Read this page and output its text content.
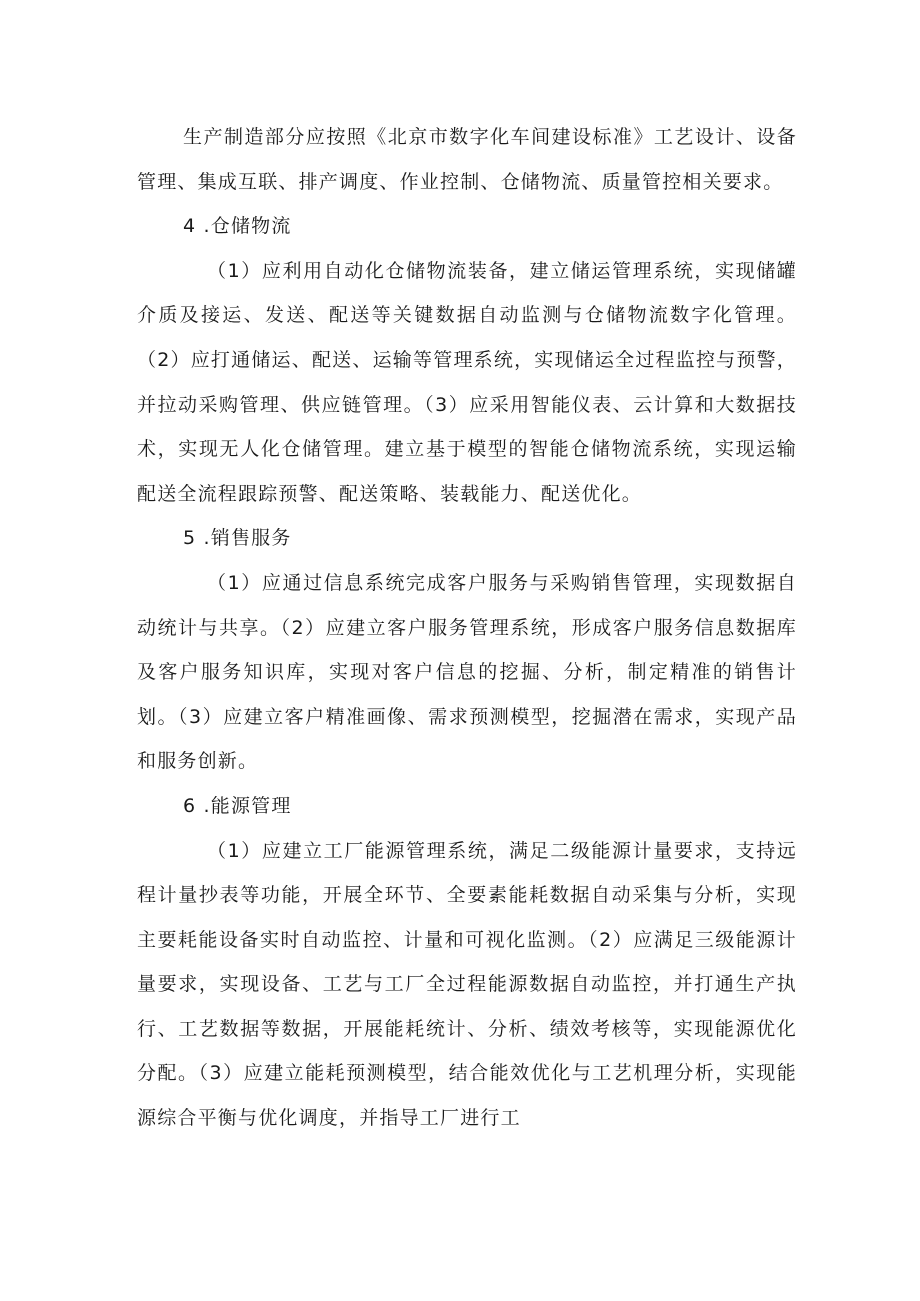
生产制造部分应按照《北京市数字化车间建设标准》工艺设计、设备管理、集成互联、排产调度、作业控制、仓储物流、质量管控相关要求。

4 .仓储物流

（1）应利用自动化仓储物流装备，建立储运管理系统，实现储罐介质及接运、发送、配送等关键数据自动监测与仓储物流数字化管理。（2）应打通储运、配送、运输等管理系统，实现储运全过程监控与预警，并拉动采购管理、供应链管理。（3）应采用智能仪表、云计算和大数据技术，实现无人化仓储管理。建立基于模型的智能仓储物流系统，实现运输配送全流程跟踪预警、配送策略、装载能力、配送优化。

5 .销售服务

（1）应通过信息系统完成客户服务与采购销售管理，实现数据自动统计与共享。（2）应建立客户服务管理系统，形成客户服务信息数据库及客户服务知识库，实现对客户信息的挖掘、分析，制定精准的销售计划。（3）应建立客户精准画像、需求预测模型，挖掘潜在需求，实现产品和服务创新。

6 .能源管理

（1）应建立工厂能源管理系统，满足二级能源计量要求，支持远程计量抄表等功能，开展全环节、全要素能耗数据自动采集与分析，实现主要耗能设备实时自动监控、计量和可视化监测。（2）应满足三级能源计量要求，实现设备、工艺与工厂全过程能源数据自动监控，并打通生产执行、工艺数据等数据，开展能耗统计、分析、绩效考核等，实现能源优化分配。（3）应建立能耗预测模型，结合能效优化与工艺机理分析，实现能源综合平衡与优化调度，并指导工厂进行工
